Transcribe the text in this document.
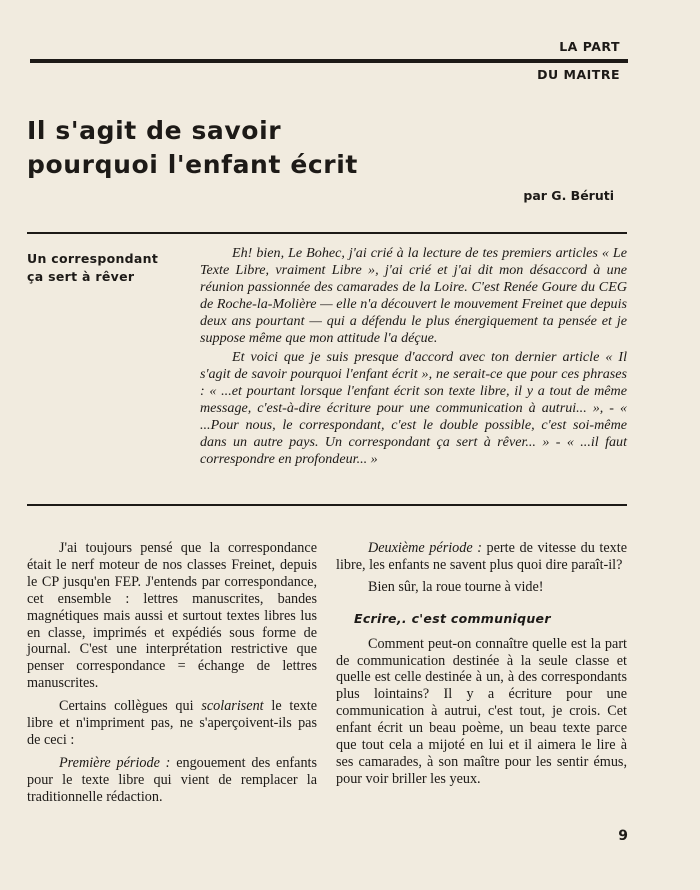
LA PART
DU MAITRE
Il s'agit de savoir
pourquoi l'enfant écrit
par G. Béruti
Un correspondant
ça sert à rêver

Eh! bien, Le Bohec, j'ai crié à la lecture de tes premiers articles « Le Texte Libre, vraiment Libre », j'ai crié et j'ai dit mon désaccord à une réunion passionnée des camarades de la Loire. C'est Renée Goure du CEG de Roche-la-Molière — elle n'a découvert le mouvement Freinet que depuis deux ans pourtant — qui a défendu le plus énergiquement ta pensée et je suppose même que mon attitude l'a déçue.

Et voici que je suis presque d'accord avec ton dernier article « Il s'agit de savoir pourquoi l'enfant écrit », ne serait-ce que pour ces phrases : « ...et pourtant lorsque l'enfant écrit son texte libre, il y a tout de même message, c'est-à-dire écriture pour une communication à autrui... », - « ...Pour nous, le correspondant, c'est le double possible, c'est soi-même dans un autre pays. Un correspondant ça sert à rêver... » - « ...il faut correspondre en profondeur... »

J'ai toujours pensé que la correspondance était le nerf moteur de nos classes Freinet, depuis le CP jusqu'en FEP. J'entends par correspondance, cet ensemble : lettres manuscrites, bandes magnétiques mais aussi et surtout textes libres lus en classe, imprimés et expédiés sous forme de journal. C'est une interprétation restrictive que penser correspondance = échange de lettres manuscrites.

Certains collègues qui scolarisent le texte libre et n'impriment pas, ne s'aperçoivent-ils pas de ceci :

Première période : engouement des enfants pour le texte libre qui vient de remplacer la traditionnelle rédaction.

Deuxième période : perte de vitesse du texte libre, les enfants ne savent plus quoi dire paraît-il?

Bien sûr, la roue tourne à vide!

Ecrire,. c'est communiquer

Comment peut-on connaître quelle est la part de communication destinée à la seule classe et quelle est celle destinée à un, à des correspondants plus lointains? Il y a écriture pour une communication à autrui, c'est tout, je crois. Cet enfant écrit un beau poème, un beau texte parce que tout cela a mijoté en lui et il aimera le lire à ses camarades, à son maître pour les sentir émus, pour voir briller les yeux.

9
